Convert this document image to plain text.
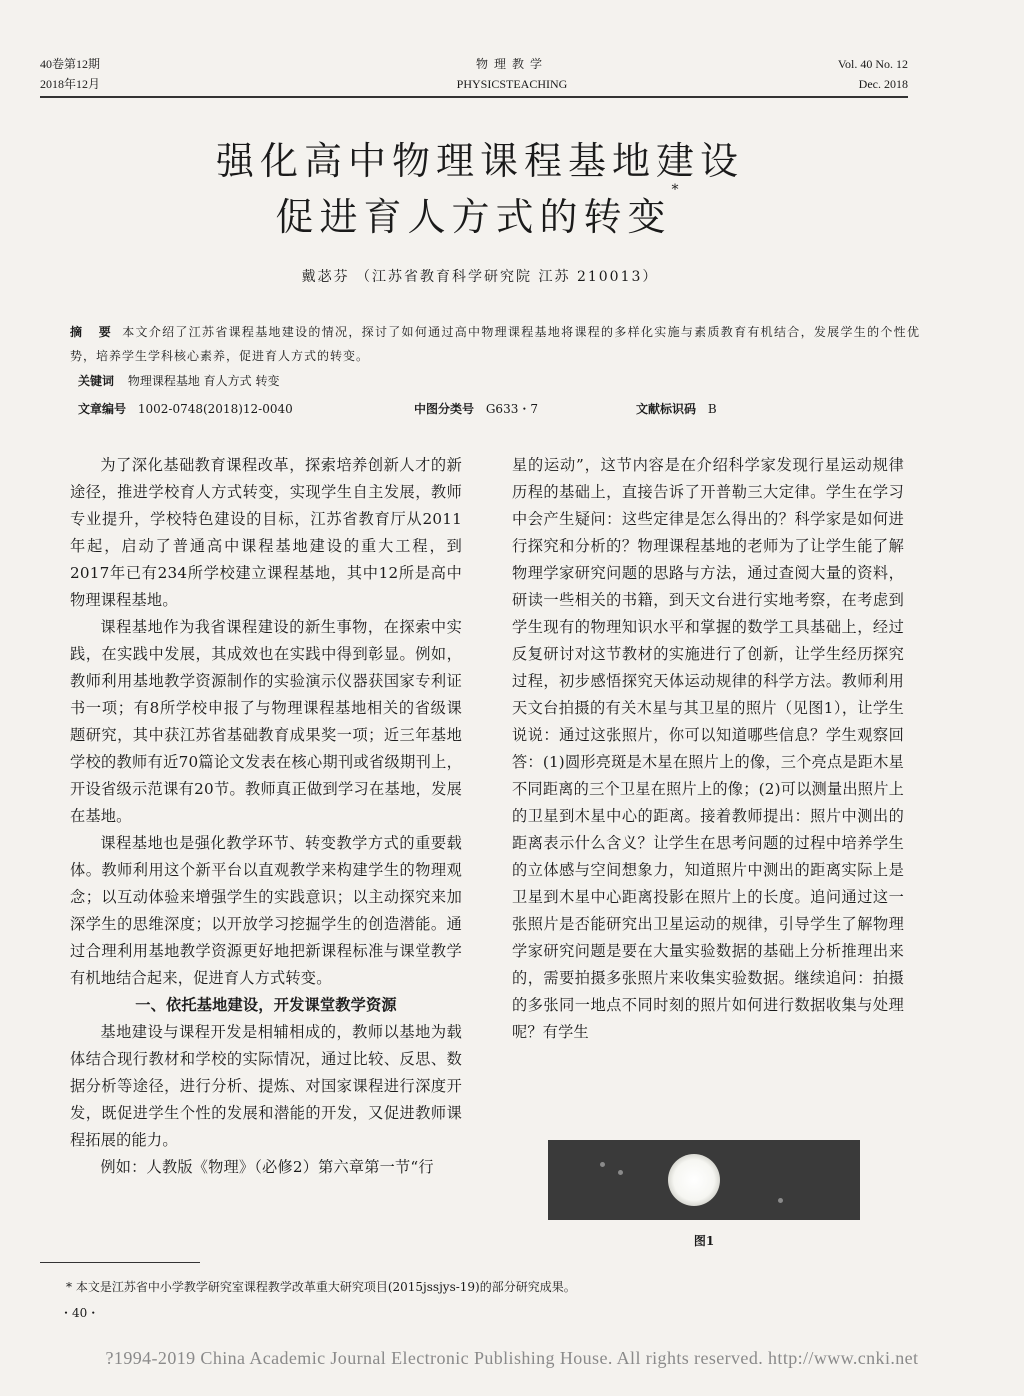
40卷第12期
2018年12月
物理教学
PHYSICSTEACHING
Vol. 40 No. 12
Dec. 2018
强化高中物理课程基地建设
促进育人方式的转变*
戴苾芬 （江苏省教育科学研究院 江苏 210013）
摘 要 本文介绍了江苏省课程基地建设的情况，探讨了如何通过高中物理课程基地将课程的多样化实施与素质教育有机结合，发展学生的个性优势，培养学生学科核心素养，促进育人方式的转变。
关键词 物理课程基地 育人方式 转变
文章编号 1002-0748(2018)12-0040	中图分类号 G633・7	文献标识码 B

为了深化基础教育课程改革，探索培养创新人才的新途径，推进学校育人方式转变，实现学生自主发展，教师专业提升，学校特色建设的目标，江苏省教育厅从2011年起，启动了普通高中课程基地建设的重大工程，到2017年已有234所学校建立课程基地，其中12所是高中物理课程基地。

课程基地作为我省课程建设的新生事物，在探索中实践，在实践中发展，其成效也在实践中得到彰显。例如，教师利用基地教学资源制作的实验演示仪器获国家专利证书一项；有8所学校申报了与物理课程基地相关的省级课题研究，其中获江苏省基础教育成果奖一项；近三年基地学校的教师有近70篇论文发表在核心期刊或省级期刊上，开设省级示范课有20节。教师真正做到学习在基地，发展在基地。

课程基地也是强化教学环节、转变教学方式的重要载体。教师利用这个新平台以直观教学来构建学生的物理观念；以互动体验来增强学生的实践意识；以主动探究来加深学生的思维深度；以开放学习挖掘学生的创造潜能。通过合理利用基地教学资源更好地把新课程标准与课堂教学有机地结合起来，促进育人方式转变。

一、依托基地建设，开发课堂教学资源

基地建设与课程开发是相辅相成的，教师以基地为载体结合现行教材和学校的实际情况，通过比较、反思、数据分析等途径，进行分析、提炼、对国家课程进行深度开发，既促进学生个性的发展和潜能的开发，又促进教师课程拓展的能力。

例如：人教版《物理》（必修2）第六章第一节“行

星的运动”，这节内容是在介绍科学家发现行星运动规律历程的基础上，直接告诉了开普勒三大定律。学生在学习中会产生疑问：这些定律是怎么得出的？科学家是如何进行探究和分析的？物理课程基地的老师为了让学生能了解物理学家研究问题的思路与方法，通过查阅大量的资料，研读一些相关的书籍，到天文台进行实地考察，在考虑到学生现有的物理知识水平和掌握的数学工具基础上，经过反复研讨对这节教材的实施进行了创新，让学生经历探究过程，初步感悟探究天体运动规律的科学方法。教师利用天文台拍摄的有关木星与其卫星的照片（见图1），让学生说说：通过这张照片，你可以知道哪些信息？学生观察回答：(1)圆形亮斑是木星在照片上的像，三个亮点是距木星不同距离的三个卫星在照片上的像；(2)可以测量出照片上的卫星到木星中心的距离。接着教师提出：照片中测出的距离表示什么含义？让学生在思考问题的过程中培养学生的立体感与空间想象力，知道照片中测出的距离实际上是卫星到木星中心距离投影在照片上的长度。追问通过这一张照片是否能研究出卫星运动的规律，引导学生了解物理学家研究问题是要在大量实验数据的基础上分析推理出来的，需要拍摄多张照片来收集实验数据。继续追问：拍摄的多张同一地点不同时刻的照片如何进行数据收集与处理呢？有学生

图1
* 本文是江苏省中小学教学研究室课程教学改革重大研究项目(2015jssjys-19)的部分研究成果。
・40・
?1994-2019 China Academic Journal Electronic Publishing House. All rights reserved. http://www.cnki.net
